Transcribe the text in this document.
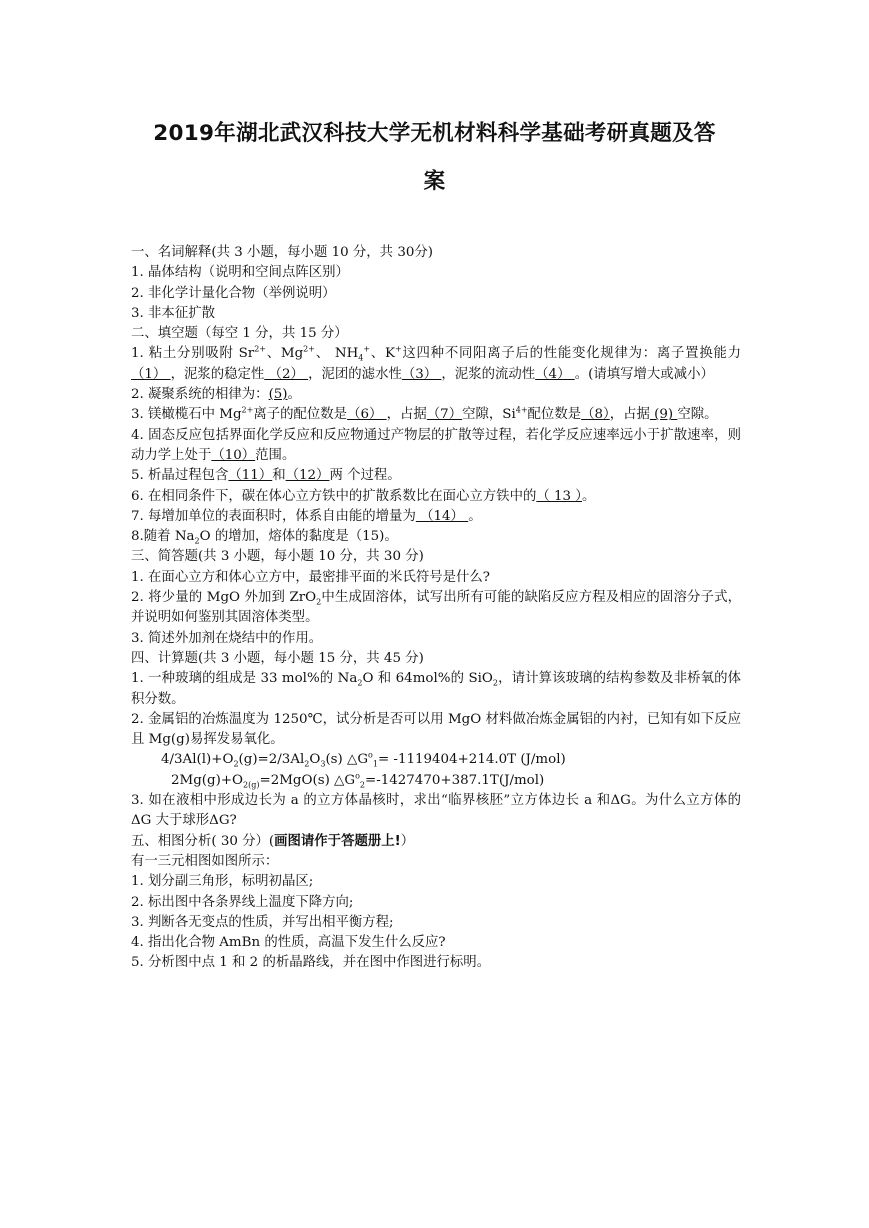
2019年湖北武汉科技大学无机材料科学基础考研真题及答
案

一、名词解释(共 3 小题，每小题 10 分，共 30分)

1. 晶体结构（说明和空间点阵区别）

2. 非化学计量化合物（举例说明）

3. 非本征扩散

二、填空题（每空 1 分，共 15 分）

1. 粘土分别吸附 $Sr^{2+}$、$Mg^{2+}$、 $NH_4^+$、K+这四种不同阳离子后的性能变化规律为：离子置换能力 （1） ，泥浆的稳定性 （2） ，泥团的滤水性（3） ，泥浆的流动性（4） 。(请填写增大或减小）

2. 凝聚系统的相律为：(5)。

3. 镁橄榄石中 $Mg^{2+}$离子的配位数是（6） ，占据（7）空隙，$Si^{4+}$配位数是（8），占据 (9) 空隙。

4. 固态反应包括界面化学反应和反应物通过产物层的扩散等过程，若化学反应速率远小于扩散速率，则动力学上处于（10）范围。

5. 析晶过程包含（11）和（12）两 个过程。

6. 在相同条件下，碳在体心立方铁中的扩散系数比在面心立方铁中的（ 13 ）。

7. 每增加单位的表面积时，体系自由能的增量为 （14） 。

8.随着 $Na_2O$ 的增加，熔体的黏度是（15)。

三、简答题(共 3 小题，每小题 10 分，共 30 分)

1. 在面心立方和体心立方中，最密排平面的米氏符号是什么?

2. 将少量的 MgO 外加到 ZrO$_2$中生成固溶体，试写出所有可能的缺陷反应方程及相应的固溶分子式，并说明如何鉴别其固溶体类型。

3. 简述外加剂在烧结中的作用。

四、计算题(共 3 小题，每小题 15 分，共 45 分)

1. 一种玻璃的组成是 33 mol%的 $Na_2O$ 和 64mol%的 SiO$_2$，请计算该玻璃的结构参数及非桥氧的体积分数。

2. 金属铝的冶炼温度为 1250℃，试分析是否可以用 MgO 材料做冶炼金属铝的内衬，已知有如下反应且 Mg(g)易挥发易氧化。

$4/3Al(l)+O_2(g)=2/3Al_2O_3(s)$ $\triangle G^o_1= -1119404+214.0T$ (J/mol)

$2Mg(g)+O_{2(g)}=2MgO(s)$ $\triangle G^o_2=-1427470+387.1T(J/mol)$

3. 如在液相中形成边长为 a 的立方体晶核时，求出“临界核胚”立方体边长 a 和ΔG。为什么立方体的ΔG 大于球形ΔG?

五、相图分析( 30 分）(画图请作于答题册上!）

有一三元相图如图所示：

1. 划分副三角形，标明初晶区;

2. 标出图中各条界线上温度下降方向;

3. 判断各无变点的性质，并写出相平衡方程;

4. 指出化合物 AmBn 的性质，高温下发生什么反应?

5. 分析图中点 1 和 2 的析晶路线，并在图中作图进行标明。
